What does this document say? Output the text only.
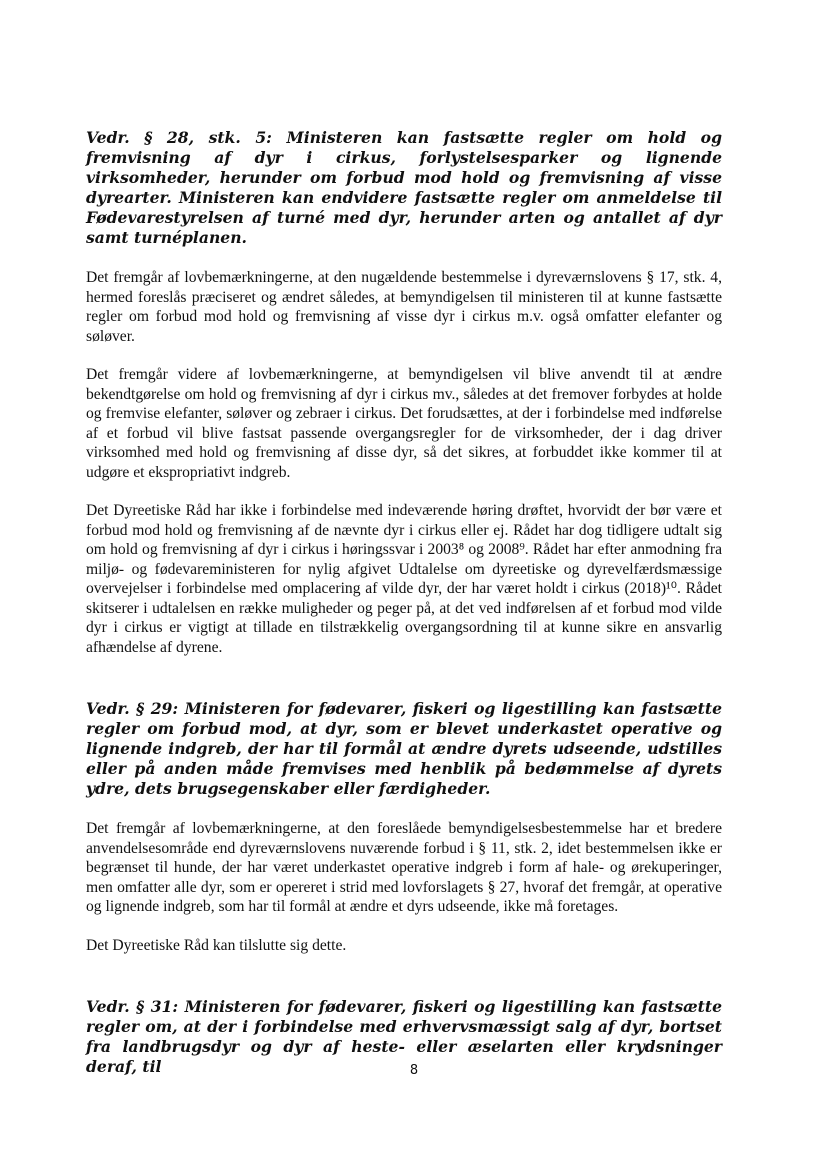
Vedr. § 28, stk. 5: Ministeren kan fastsætte regler om hold og fremvisning af dyr i cirkus, forlystelsesparker og lignende virksomheder, herunder om forbud mod hold og fremvisning af visse dyrearter. Ministeren kan endvidere fastsætte regler om anmeldelse til Fødevarestyrelsen af turné med dyr, herunder arten og antallet af dyr samt turnéplanen.

Det fremgår af lovbemærkningerne, at den nugældende bestemmelse i dyreværnslovens § 17, stk. 4, hermed foreslås præciseret og ændret således, at bemyndigelsen til ministeren til at kunne fastsætte regler om forbud mod hold og fremvisning af visse dyr i cirkus m.v. også omfatter elefanter og søløver.

Det fremgår videre af lovbemærkningerne, at bemyndigelsen vil blive anvendt til at ændre bekendtgørelse om hold og fremvisning af dyr i cirkus mv., således at det fremover forbydes at holde og fremvise elefanter, søløver og zebraer i cirkus. Det forudsættes, at der i forbindelse med indførelse af et forbud vil blive fastsat passende overgangsregler for de virksomheder, der i dag driver virksomhed med hold og fremvisning af disse dyr, så det sikres, at forbuddet ikke kommer til at udgøre et ekspropriativt indgreb.

Det Dyreetiske Råd har ikke i forbindelse med indeværende høring drøftet, hvorvidt der bør være et forbud mod hold og fremvisning af de nævnte dyr i cirkus eller ej. Rådet har dog tidligere udtalt sig om hold og fremvisning af dyr i cirkus i høringssvar i 2003⁸ og 2008⁹. Rådet har efter anmodning fra miljø- og fødevareministeren for nylig afgivet Udtalelse om dyreetiske og dyrevelfærdsmæssige overvejelser i forbindelse med omplacering af vilde dyr, der har været holdt i cirkus (2018)¹⁰. Rådet skitserer i udtalelsen en række muligheder og peger på, at det ved indførelsen af et forbud mod vilde dyr i cirkus er vigtigt at tillade en tilstrækkelig overgangsordning til at kunne sikre en ansvarlig afhændelse af dyrene.

Vedr. § 29: Ministeren for fødevarer, fiskeri og ligestilling kan fastsætte regler om forbud mod, at dyr, som er blevet underkastet operative og lignende indgreb, der har til formål at ændre dyrets udseende, udstilles eller på anden måde fremvises med henblik på bedømmelse af dyrets ydre, dets brugsegenskaber eller færdigheder.

Det fremgår af lovbemærkningerne, at den foreslåede bemyndigelsesbestemmelse har et bredere anvendelsesområde end dyreværnslovens nuværende forbud i § 11, stk. 2, idet bestemmelsen ikke er begrænset til hunde, der har været underkastet operative indgreb i form af hale- og ørekuperinger, men omfatter alle dyr, som er opereret i strid med lovforslagets § 27, hvoraf det fremgår, at operative og lignende indgreb, som har til formål at ændre et dyrs udseende, ikke må foretages.

Det Dyreetiske Råd kan tilslutte sig dette.

Vedr. § 31: Ministeren for fødevarer, fiskeri og ligestilling kan fastsætte regler om, at der i forbindelse med erhvervsmæssigt salg af dyr, bortset fra landbrugsdyr og dyr af heste- eller æselarten eller krydsninger deraf, til	8
